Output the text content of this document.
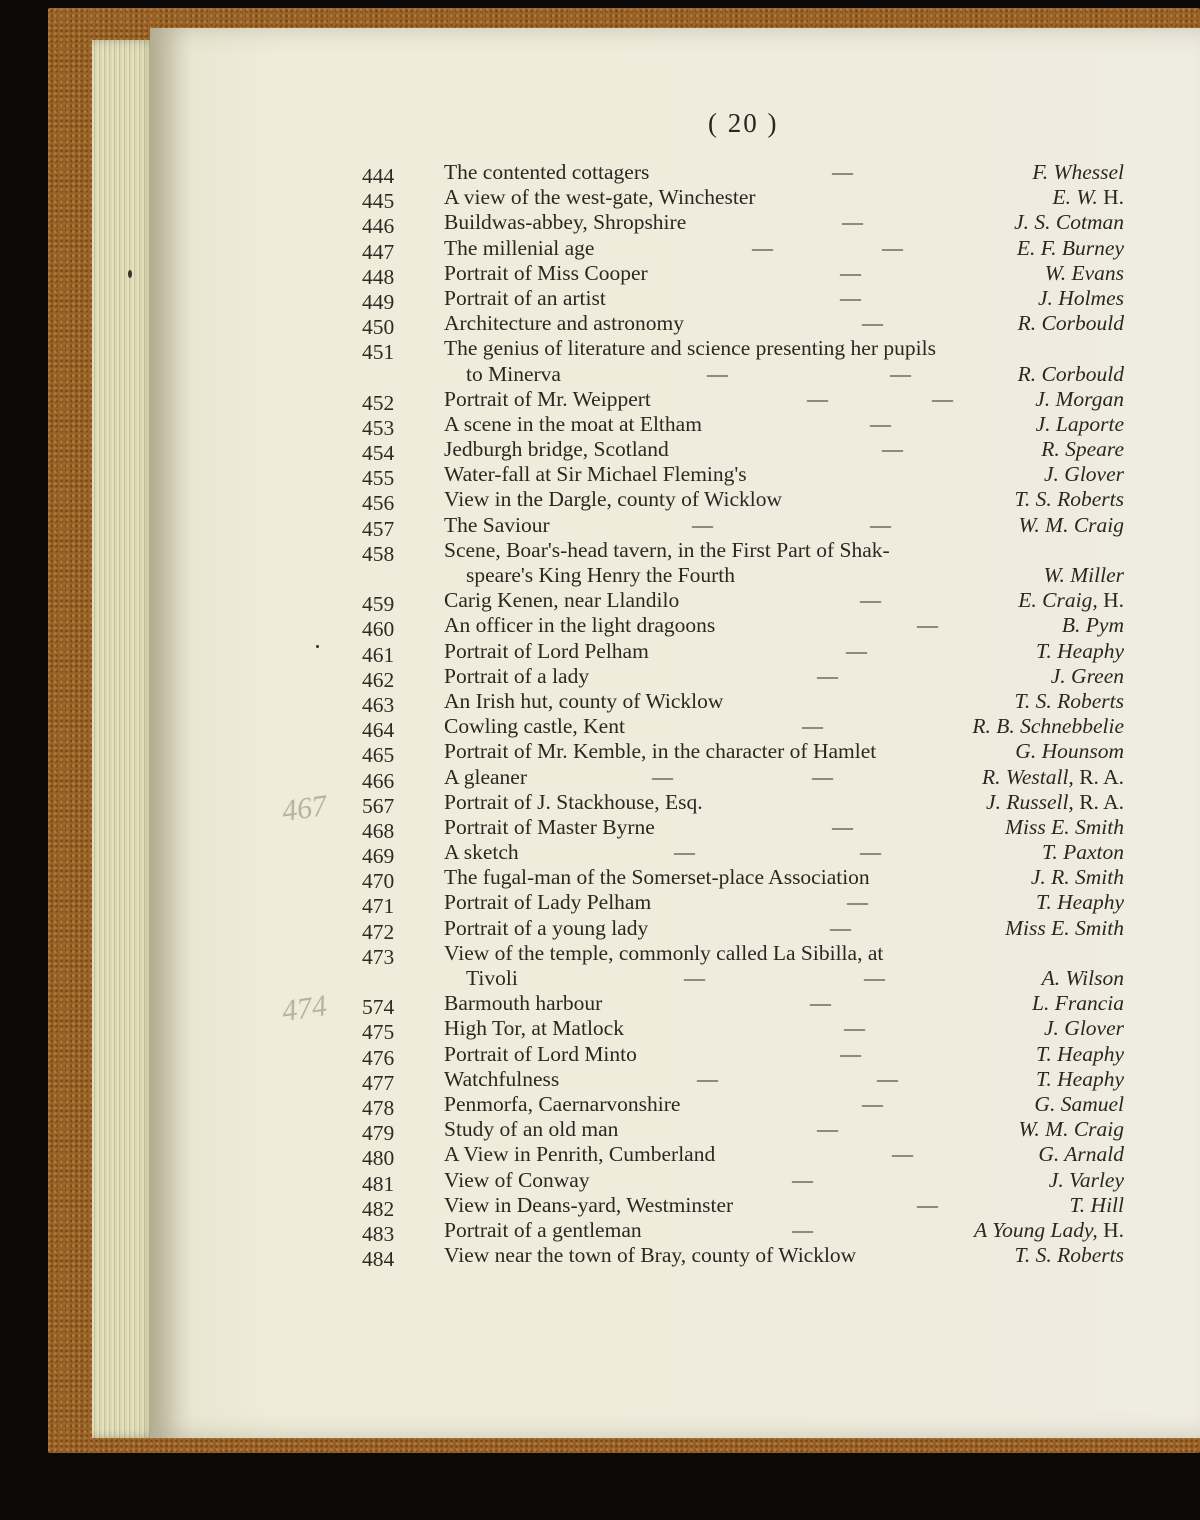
( 20 )
467
474
444	The contented cottagers	—	F. Whessel
445	A view of the west-gate, Winchester	E. W. H.
446	Buildwas-abbey, Shropshire	—	J. S. Cotman
447	The millenial age	—	—	E. F. Burney
448	Portrait of Miss Cooper	—	W. Evans
449	Portrait of an artist	—	J. Holmes
450	Architecture and astronomy	—	R. Corbould
451	The genius of literature and science presenting her pupils
to Minerva	—	—	R. Corbould
452	Portrait of Mr. Weippert	—	—	J. Morgan
453	A scene in the moat at Eltham	—	J. Laporte
454	Jedburgh bridge, Scotland	—	R. Speare
455	Water-fall at Sir Michael Fleming's	J. Glover
456	View in the Dargle, county of Wicklow	T. S. Roberts
457	The Saviour	—	—	W. M. Craig
458	Scene, Boar's-head tavern, in the First Part of Shak-
speare's King Henry the Fourth	W. Miller
459	Carig Kenen, near Llandilo	—	E. Craig, H.
460	An officer in the light dragoons	—	B. Pym
461	Portrait of Lord Pelham	—	T. Heaphy
462	Portrait of a lady	—	J. Green
463	An Irish hut, county of Wicklow	T. S. Roberts
464	Cowling castle, Kent	—	R. B. Schnebbelie
465	Portrait of Mr. Kemble, in the character of Hamlet	G. Hounsom
466	A gleaner	—	—	R. Westall, R. A.
567	Portrait of J. Stackhouse, Esq.	J. Russell, R. A.
468	Portrait of Master Byrne	—	Miss E. Smith
469	A sketch	—	—	T. Paxton
470	The fugal-man of the Somerset-place Association	J. R. Smith
471	Portrait of Lady Pelham	—	T. Heaphy
472	Portrait of a young lady	—	Miss E. Smith
473	View of the temple, commonly called La Sibilla, at
Tivoli	—	—	A. Wilson
574	Barmouth harbour	—	L. Francia
475	High Tor, at Matlock	—	J. Glover
476	Portrait of Lord Minto	—	T. Heaphy
477	Watchfulness	—	—	T. Heaphy
478	Penmorfa, Caernarvonshire	—	G. Samuel
479	Study of an old man	—	W. M. Craig
480	A View in Penrith, Cumberland	—	G. Arnald
481	View of Conway	—	J. Varley
482	View in Deans-yard, Westminster	—	T. Hill
483	Portrait of a gentleman	—	A Young Lady, H.
484	View near the town of Bray, county of Wicklow	T. S. Roberts
